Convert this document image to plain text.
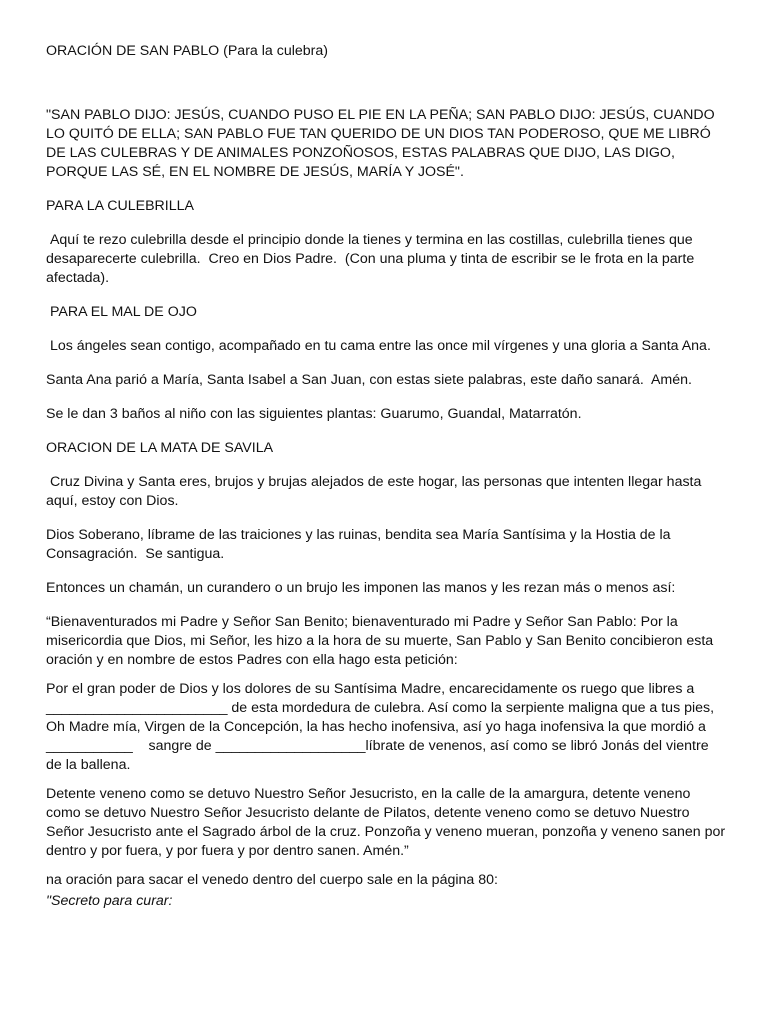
ORACIÓN DE SAN PABLO (Para la culebra)

"SAN PABLO DIJO: JESÚS, CUANDO PUSO EL PIE EN LA PEÑA; SAN PABLO DIJO: JESÚS, CUANDO LO QUITÓ DE ELLA; SAN PABLO FUE TAN QUERIDO DE UN DIOS TAN PODEROSO, QUE ME LIBRÓ DE LAS CULEBRAS Y DE ANIMALES PONZOÑOSOS, ESTAS PALABRAS QUE DIJO, LAS DIGO, PORQUE LAS SÉ, EN EL NOMBRE DE JESÚS, MARÍA Y JOSÉ".

PARA LA CULEBRILLA

Aquí te rezo culebrilla desde el principio donde la tienes y termina en las costillas, culebrilla tienes que desaparecerte culebrilla.  Creo en Dios Padre.  (Con una pluma y tinta de escribir se le frota en la parte afectada).

PARA EL MAL DE OJO

Los ángeles sean contigo, acompañado en tu cama entre las once mil vírgenes y una gloria a Santa Ana.

Santa Ana parió a María, Santa Isabel a San Juan, con estas siete palabras, este daño sanará.  Amén.

Se le dan 3 baños al niño con las siguientes plantas: Guarumo, Guandal, Matarratón.

ORACION DE LA MATA DE SAVILA

Cruz Divina y Santa eres, brujos y brujas alejados de este hogar, las personas que intenten llegar hasta aquí, estoy con Dios.

Dios Soberano, líbrame de las traiciones y las ruinas, bendita sea María Santísima y la Hostia de la Consagración.  Se santigua.

Entonces un chamán, un curandero o un brujo les imponen las manos y les rezan más o menos así:

“Bienaventurados mi Padre y Señor San Benito; bienaventurado mi Padre y Señor San Pablo: Por la misericordia que Dios, mi Señor, les hizo a la hora de su muerte, San Pablo y San Benito concibieron esta oración y en nombre de estos Padres con ella hago esta petición:

Por el gran poder de Dios y los dolores de su Santísima Madre, encarecidamente os ruego que libres a _______________________ de esta mordedura de culebra. Así como la serpiente maligna que a tus pies, Oh Madre mía, Virgen de la Concepción, la has hecho inofensiva, así yo haga inofensiva la que mordió a ___________    sangre de ___________________líbrate de venenos, así como se libró Jonás del vientre de la ballena.

Detente veneno como se detuvo Nuestro Señor Jesucristo, en la calle de la amargura, detente veneno como se detuvo Nuestro Señor Jesucristo delante de Pilatos, detente veneno como se detuvo Nuestro Señor Jesucristo ante el Sagrado árbol de la cruz. Ponzoña y veneno mueran, ponzoña y veneno sanen por dentro y por fuera, y por fuera y por dentro sanen. Amén.”

na oración para sacar el venedo dentro del cuerpo sale en la página 80:

"Secreto para curar:
